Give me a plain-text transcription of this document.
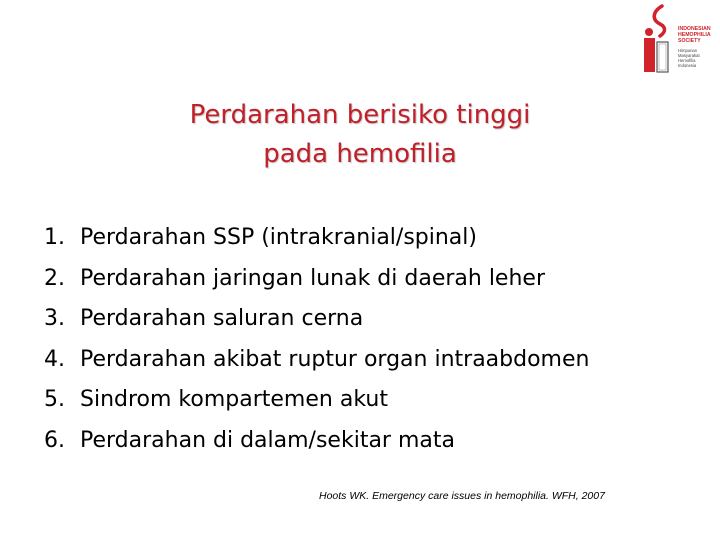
INDONESIAN
HEMOPHILIA
SOCIETY
Himpunan
Masyarakat Hemofilia
Indonesia
Perdarahan berisiko tinggi
pada hemofilia
1. Perdarahan SSP (intrakranial/spinal)
2. Perdarahan jaringan lunak di daerah leher
3. Perdarahan saluran cerna
4. Perdarahan akibat ruptur organ intraabdomen
5. Sindrom kompartemen akut
6. Perdarahan di dalam/sekitar mata
Hoots WK. Emergency care issues in hemophilia. WFH, 2007
